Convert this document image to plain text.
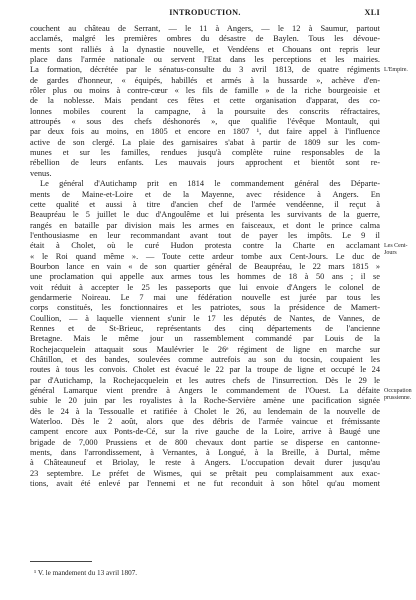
INTRODUCTION.	XLI
couchent au château de Serrant, — le 11 à Angers, — le 12 à Saumur, partout
acclamés, malgré les premières ombres du désastre de Baylen. Tous les dévoue-
ments sont ralliés à la dynastie nouvelle, et Vendéens et Chouans ont repris leur
place dans l'armée nationale ou servent l'Etat dans les perceptions et les mairies.
La formation, décrétée par le sénatus-consulte du 3 avril 1813, de quatre régiments
de gardes d'honneur, « équipés, habillés et armés à la hussarde », achève d'en-
rôler plus ou moins à contre-cœur « les fils de famille » de la riche bourgeoisie et
de la noblesse. Mais pendant ces fêtes et cette organisation d'apparat, des co-
lonnes mobiles courent la campagne, à la poursuite des conscrits réfractaires,
attroupés « sous des chefs déshonorés », que qualifie l'évêque Montault, qui
par deux fois au moins, en 1805 et encore en 1807 ¹, dut faire appel à l'influence
active de son clergé. La plaie des garnisaires s'abat à partir de 1809 sur les com-
munes et sur les familles, rendues jusqu'à complète ruine responsables de la
rébellion de leurs enfants. Les mauvais jours approchent et bientôt sont re-
venus.
Le général d'Autichamp prit en 1814 le commandement général des Départe-
ments de Maine-et-Loire et de la Mayenne, avec résidence à Angers. En
cette qualité et aussi à titre d'ancien chef de l'armée vendéenne, il reçut à
Beaupréau le 5 juillet le duc d'Angoulême et lui présenta les survivants de la guerre,
rangés en bataille par division mais les armes en faisceaux, et dont le prince calma
l'enthousiasme en leur recommandant avant tout de payer les impôts. Le 9 il
était à Cholet, où le curé Hudon protesta contre la Charte en acclamant
« le Roi quand même ». — Toute cette ardeur tombe aux Cent-Jours. Le duc de
Bourbon lance en vain « de son quartier général de Beaupréau, le 22 mars 1815 »
une proclamation qui appelle aux armes tous les hommes de 18 à 50 ans ; il se
voit réduit à accepter le 25 les passeports que lui envoie d'Angers le colonel de
gendarmerie Noireau. Le 7 mai une fédération nouvelle est jurée par tous les
corps constitués, les fonctionnaires et les patriotes, sous la présidence de Mamert-
Coullion, — à laquelle viennent s'unir le 17 les députés de Nantes, de Vannes, de
Rennes et de St-Brieuc, représentants des cinq départements de l'ancienne
Bretagne. Mais le même jour un rassemblement commandé par Louis de la
Rochejacquelein attaquait sous Maulévrier le 26ᵉ régiment de ligne en marche sur
Châtillon, et des bandes, soulevées comme autrefois au son du tocsin, coupaient les
routes à tous les convois. Cholet est évacué le 22 par la troupe de ligne et occupé le 24
par d'Autichamp, la Rochejacquelein et les autres chefs de l'insurrection. Dès le 29 le
général Lamarque vient prendre à Angers le commandement de l'Ouest. La défaite
subie le 20 juin par les royalistes à la Roche-Servière amène une pacification signée
dès le 24 à la Tessoualle et ratifiée à Cholet le 26, au lendemain de la nouvelle de
Waterloo. Dès le 2 août, alors que des débris de l'armée vaincue et frémissante
campent encore aux Ponts-de-Cé, sur la rive gauche de la Loire, arrive à Baugé une
brigade de 7,000 Prussiens et de 800 chevaux dont partie se disperse en cantonne-
ments, dans l'arrondissement, à Vernantes, à Longué, à la Breille, à Durtal, même
à Châteauneuf et Briolay, le reste à Angers. L'occupation devait durer jusqu'au
23 septembre. Le préfet de Wismes, qui se prêtait peu complaisamment aux exac-
tions, avait été enlevé par l'ennemi et ne fut reconduit à son hôtel qu'au moment
L'Empire.
Les Cent-Jours
Occupation
prussienne.
¹ V. le mandement du 13 avril 1807.
